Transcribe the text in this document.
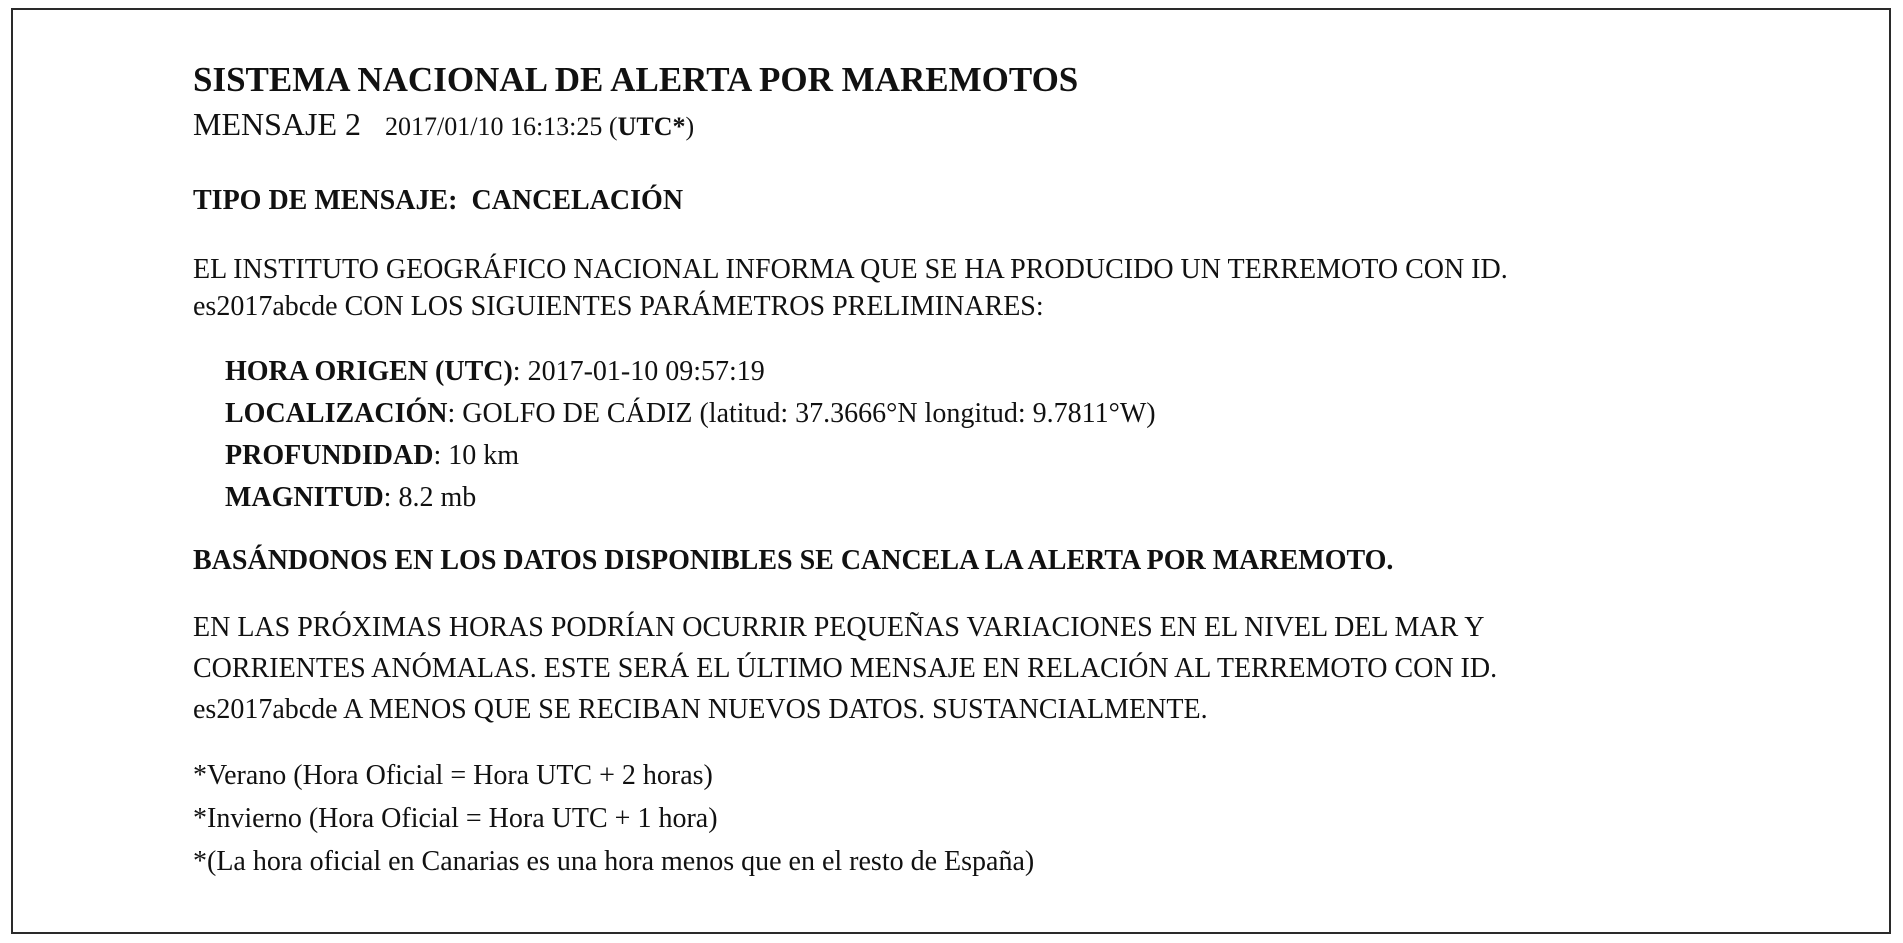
SISTEMA NACIONAL DE ALERTA POR MAREMOTOS
MENSAJE 2 2017/01/10 16:13:25 (UTC*)
TIPO DE MENSAJE: CANCELACIÓN
EL INSTITUTO GEOGRÁFICO NACIONAL INFORMA QUE SE HA PRODUCIDO UN TERREMOTO CON ID.
es2017abcde CON LOS SIGUIENTES PARÁMETROS PRELIMINARES:
HORA ORIGEN (UTC): 2017-01-10 09:57:19
LOCALIZACIÓN: GOLFO DE CÁDIZ (latitud: 37.3666°N longitud: 9.7811°W)
PROFUNDIDAD: 10 km
MAGNITUD: 8.2 mb
BASÁNDONOS EN LOS DATOS DISPONIBLES SE CANCELA LA ALERTA POR MAREMOTO.
EN LAS PRÓXIMAS HORAS PODRÍAN OCURRIR PEQUEÑAS VARIACIONES EN EL NIVEL DEL MAR Y
CORRIENTES ANÓMALAS. ESTE SERÁ EL ÚLTIMO MENSAJE EN RELACIÓN AL TERREMOTO CON ID.
es2017abcde A MENOS QUE SE RECIBAN NUEVOS DATOS. SUSTANCIALMENTE.
*Verano (Hora Oficial = Hora UTC + 2 horas)
*Invierno (Hora Oficial = Hora UTC + 1 hora)
*(La hora oficial en Canarias es una hora menos que en el resto de España)
